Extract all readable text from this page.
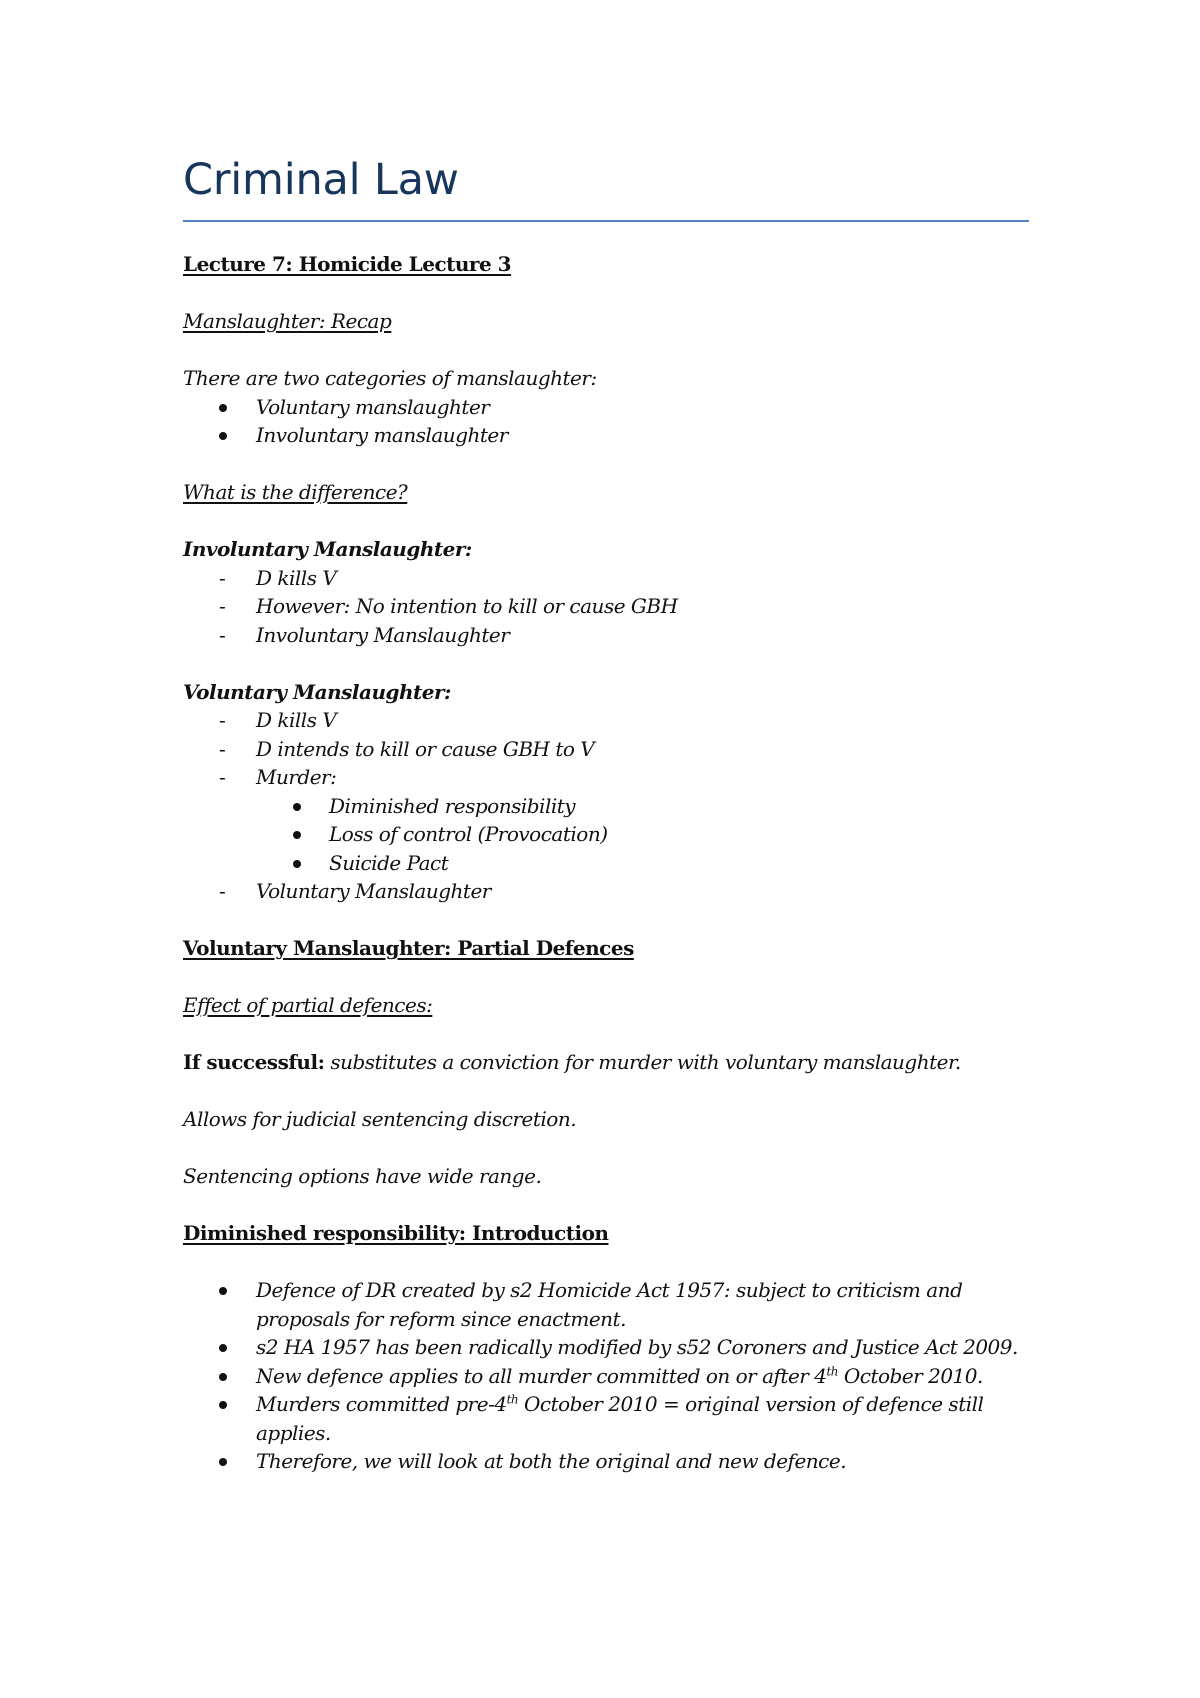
Criminal Law

Lecture 7: Homicide Lecture 3

Manslaughter: Recap

There are two categories of manslaughter:

Voluntary manslaughter
Involuntary manslaughter

What is the difference?

Involuntary Manslaughter:

- D kills V
- However: No intention to kill or cause GBH
- Involuntary Manslaughter

Voluntary Manslaughter:

- D kills V
- D intends to kill or cause GBH to V
- Murder:
Diminished responsibility
Loss of control (Provocation)
Suicide Pact
- Voluntary Manslaughter

Voluntary Manslaughter: Partial Defences

Effect of partial defences:

If successful: substitutes a conviction for murder with voluntary manslaughter.

Allows for judicial sentencing discretion.

Sentencing options have wide range.

Diminished responsibility: Introduction

Defence of DR created by s2 Homicide Act 1957: subject to criticism and proposals for reform since enactment.
s2 HA 1957 has been radically modified by s52 Coroners and Justice Act 2009.
New defence applies to all murder committed on or after 4th October 2010.
Murders committed pre-4th October 2010 = original version of defence still applies.
Therefore, we will look at both the original and new defence.
